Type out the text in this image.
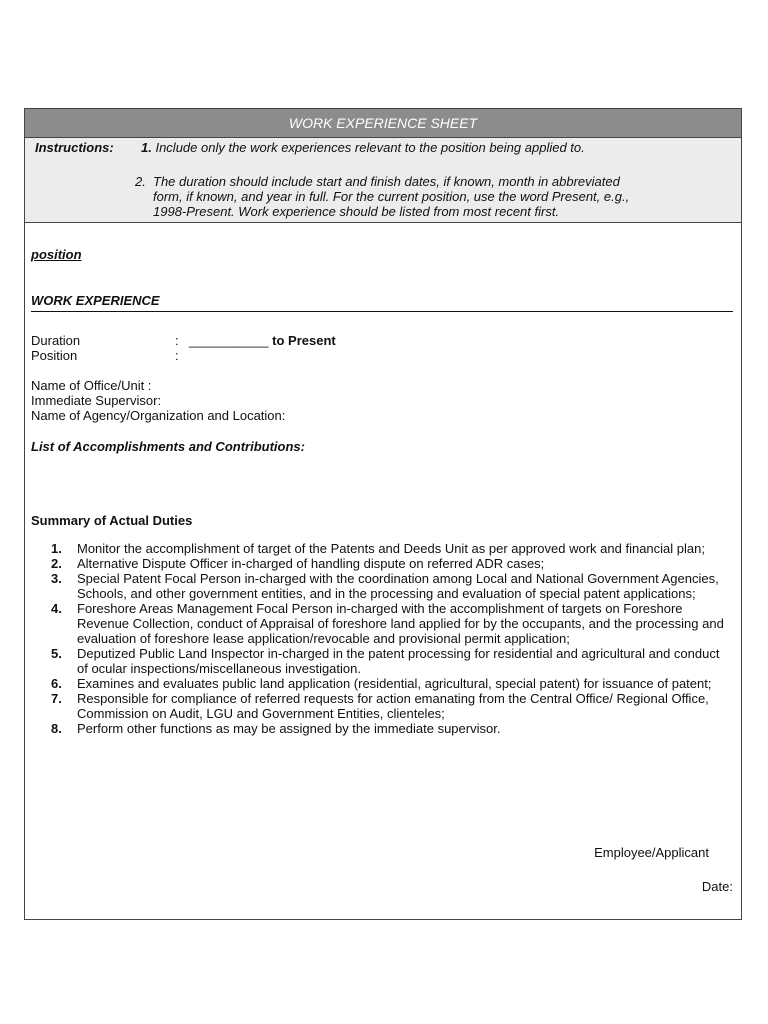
WORK EXPERIENCE SHEET
Instructions: 1. Include only the work experiences relevant to the position being applied to.
2. The duration should include start and finish dates, if known, month in abbreviated
form, if known, and year in full. For the current position, use the word Present, e.g.,
1998-Present. Work experience should be listed from most recent first.
position
WORK EXPERIENCE
Duration	: ___________ to Present
Position	:
Name of Office/Unit :
Immediate Supervisor:
Name of Agency/Organization and Location:
List of Accomplishments and Contributions:
Summary of Actual Duties
1. Monitor the accomplishment of target of the Patents and Deeds Unit as per approved work and financial plan;
2. Alternative Dispute Officer in-charged of handling dispute on referred ADR cases;
3. Special Patent Focal Person in-charged with the coordination among Local and National Government Agencies, Schools, and other government entities, and in the processing and evaluation of special patent applications;
4. Foreshore Areas Management Focal Person in-charged with the accomplishment of targets on Foreshore Revenue Collection, conduct of Appraisal of foreshore land applied for by the occupants, and the processing and evaluation of foreshore lease application/revocable and provisional permit application;
5. Deputized Public Land Inspector in-charged in the patent processing for residential and agricultural and conduct of ocular inspections/miscellaneous investigation.
6. Examines and evaluates public land application (residential, agricultural, special patent) for issuance of patent;
7. Responsible for compliance of referred requests for action emanating from the Central Office/ Regional Office, Commission on Audit, LGU and Government Entities, clienteles;
8. Perform other functions as may be assigned by the immediate supervisor.
Employee/Applicant
Date:
